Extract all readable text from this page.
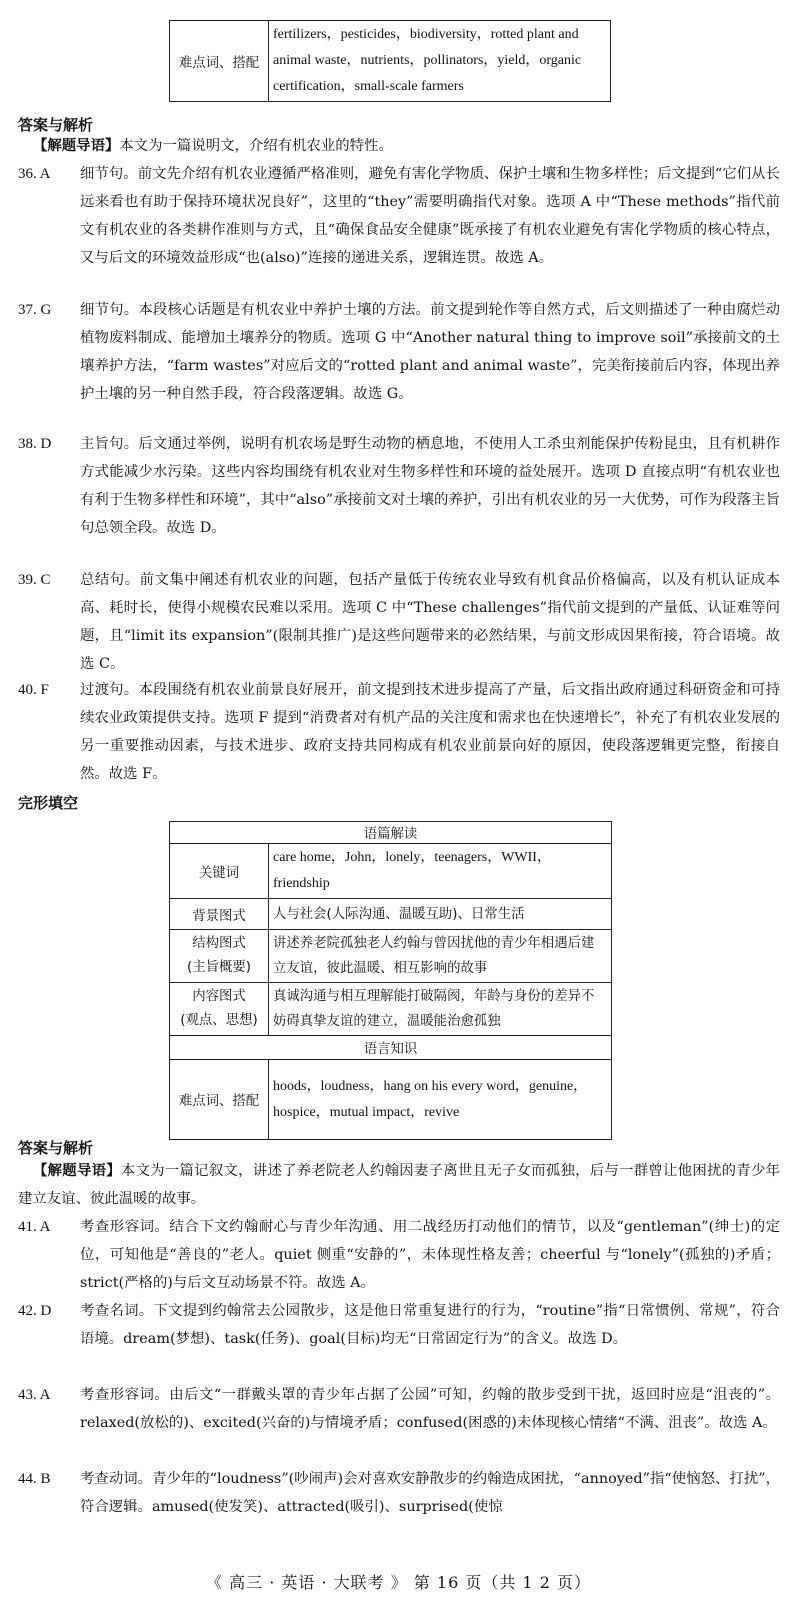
难点词、搭配	fertilizers，pesticides，biodiversity，rotted plant and animal waste，nutrients，pollinators，yield，organic certification，small-scale farmers
答案与解析
【解题导语】本文为一篇说明文，介绍有机农业的特性。
36. A	细节句。前文先介绍有机农业遵循严格准则，避免有害化学物质、保护土壤和生物多样性；后文提到“它们从长远来看也有助于保持环境状况良好”，这里的“they”需要明确指代对象。选项 A 中“These methods”指代前文有机农业的各类耕作准则与方式，且“确保食品安全健康”既承接了有机农业避免有害化学物质的核心特点，又与后文的环境效益形成“也(also)”连接的递进关系，逻辑连贯。故选 A。
37. G	细节句。本段核心话题是有机农业中养护土壤的方法。前文提到轮作等自然方式，后文则描述了一种由腐烂动植物废料制成、能增加土壤养分的物质。选项 G 中“Another natural thing to improve soil”承接前文的土壤养护方法，“farm wastes”对应后文的“rotted plant and animal waste”，完美衔接前后内容，体现出养护土壤的另一种自然手段，符合段落逻辑。故选 G。
38. D	主旨句。后文通过举例，说明有机农场是野生动物的栖息地，不使用人工杀虫剂能保护传粉昆虫，且有机耕作方式能减少水污染。这些内容均围绕有机农业对生物多样性和环境的益处展开。选项 D 直接点明“有机农业也有利于生物多样性和环境”，其中“also”承接前文对土壤的养护，引出有机农业的另一大优势，可作为段落主旨句总领全段。故选 D。
39. C	总结句。前文集中阐述有机农业的问题，包括产量低于传统农业导致有机食品价格偏高，以及有机认证成本高、耗时长，使得小规模农民难以采用。选项 C 中“These challenges”指代前文提到的产量低、认证难等问题，且“limit its expansion”(限制其推广)是这些问题带来的必然结果，与前文形成因果衔接，符合语境。故选 C。
40. F	过渡句。本段围绕有机农业前景良好展开，前文提到技术进步提高了产量，后文指出政府通过科研资金和可持续农业政策提供支持。选项 F 提到“消费者对有机产品的关注度和需求也在快速增长”，补充了有机农业发展的另一重要推动因素，与技术进步、政府支持共同构成有机农业前景向好的原因，使段落逻辑更完整，衔接自然。故选 F。
完形填空
语篇解读	
关键词	care home，John，lonely，teenagers，WWII，friendship
背景图式	人与社会(人际沟通、温暖互助)、日常生活

结构图式
(主旨概要)	讲述养老院孤独老人约翰与曾因扰他的青少年相遇后建立友谊，彼此温暖、相互影响的故事

内容图式
(观点、思想)	真诚沟通与相互理解能打破隔阂，年龄与身份的差异不妨碍真挚友谊的建立，温暖能治愈孤独
语言知识	
难点词、搭配	hoods，loudness，hang on his every word，genuine，hospice，mutual impact，revive
答案与解析
【解题导语】本文为一篇记叙文，讲述了养老院老人约翰因妻子离世且无子女而孤独，后与一群曾让他困扰的青少年建立友谊、彼此温暖的故事。
41. A	考查形容词。结合下文约翰耐心与青少年沟通、用二战经历打动他们的情节，以及“gentleman”(绅士)的定位，可知他是“善良的”老人。quiet 侧重“安静的”，未体现性格友善；cheerful 与“lonely”(孤独的)矛盾；strict(严格的)与后文互动场景不符。故选 A。
42. D	考查名词。下文提到约翰常去公园散步，这是他日常重复进行的行为，“routine”指“日常惯例、常规”，符合语境。dream(梦想)、task(任务)、goal(目标)均无“日常固定行为”的含义。故选 D。
43. A	考查形容词。由后文“一群戴头罩的青少年占据了公园”可知，约翰的散步受到干扰，返回时应是“沮丧的”。relaxed(放松的)、excited(兴奋的)与情境矛盾；confused(困惑的)未体现核心情绪“不满、沮丧”。故选 A。
44. B	考查动词。青少年的“loudness”(吵闹声)会对喜欢安静散步的约翰造成困扰，“annoyed”指“使恼怒、打扰”，符合逻辑。amused(使发笑)、attracted(吸引)、surprised(使惊
《 高三 · 英语 · 大联考 》 第 16 页（共 1 2 页）
